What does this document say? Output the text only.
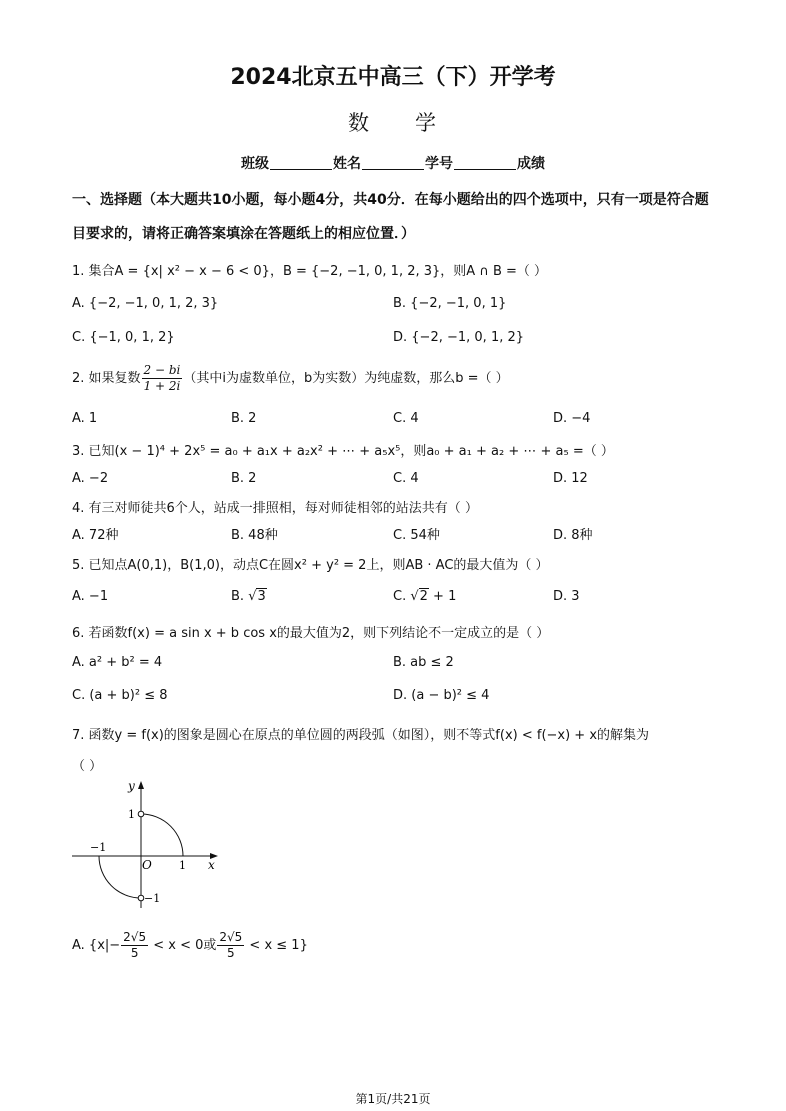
2024北京五中高三（下）开学考
数 学
班级	姓名	学号	成绩
一、选择题（本大题共10小题，每小题4分，共40分．在每小题给出的四个选项中，只有一项是符合题目要求的，请将正确答案填涂在答题纸上的相应位置．）
1. 集合A = {x| x² − x − 6 < 0}，B = {−2, −1, 0, 1, 2, 3}，则A ∩ B =（ ）
A. {−2, −1, 0, 1, 2, 3}	B. {−2, −1, 0, 1}
C. {−1, 0, 1, 2}	D. {−2, −1, 0, 1, 2}
2. 如果复数 $\frac{2 - bi}{1 + 2i}$ （其中i为虚数单位，b为实数）为纯虚数，那么b =（ ）
A. 1	B. 2	C. 4	D. −4
3. 已知(x − 1)⁴ + 2x⁵ = a₀ + a₁x + a₂x² + ⋯ + a₅x⁵，则a₀ + a₁ + a₂ + ⋯ + a₅ =（ ）
A. −2	B. 2	C. 4	D. 12
4. 有三对师徒共6个人，站成一排照相，每对师徒相邻的站法共有（ ）
A. 72种	B. 48种	C. 54种	D. 8种
5. 已知点A(0,1)，B(1,0)，动点C在圆x² + y² = 2上，则AB · AC的最大值为（ ）
A. −1	B. √3	C. √2 + 1	D. 3
6. 若函数f(x) = a sin x + b cos x的最大值为2，则下列结论不一定成立的是（ ）
A. a² + b² = 4	B. ab ≤ 2
C. (a + b)² ≤ 8	D. (a − b)² ≤ 4
7. 函数y = f(x)的图象是圆心在原点的单位圆的两段弧（如图），则不等式f(x) < f(−x) + x的解集为
（ ）
y
x
O
1
−1
1
−1
A. {$x|- \frac{2√5}{5} < x < 0$或 $\frac{2√5}{5} < x \le 1$}
第1页/共21页
